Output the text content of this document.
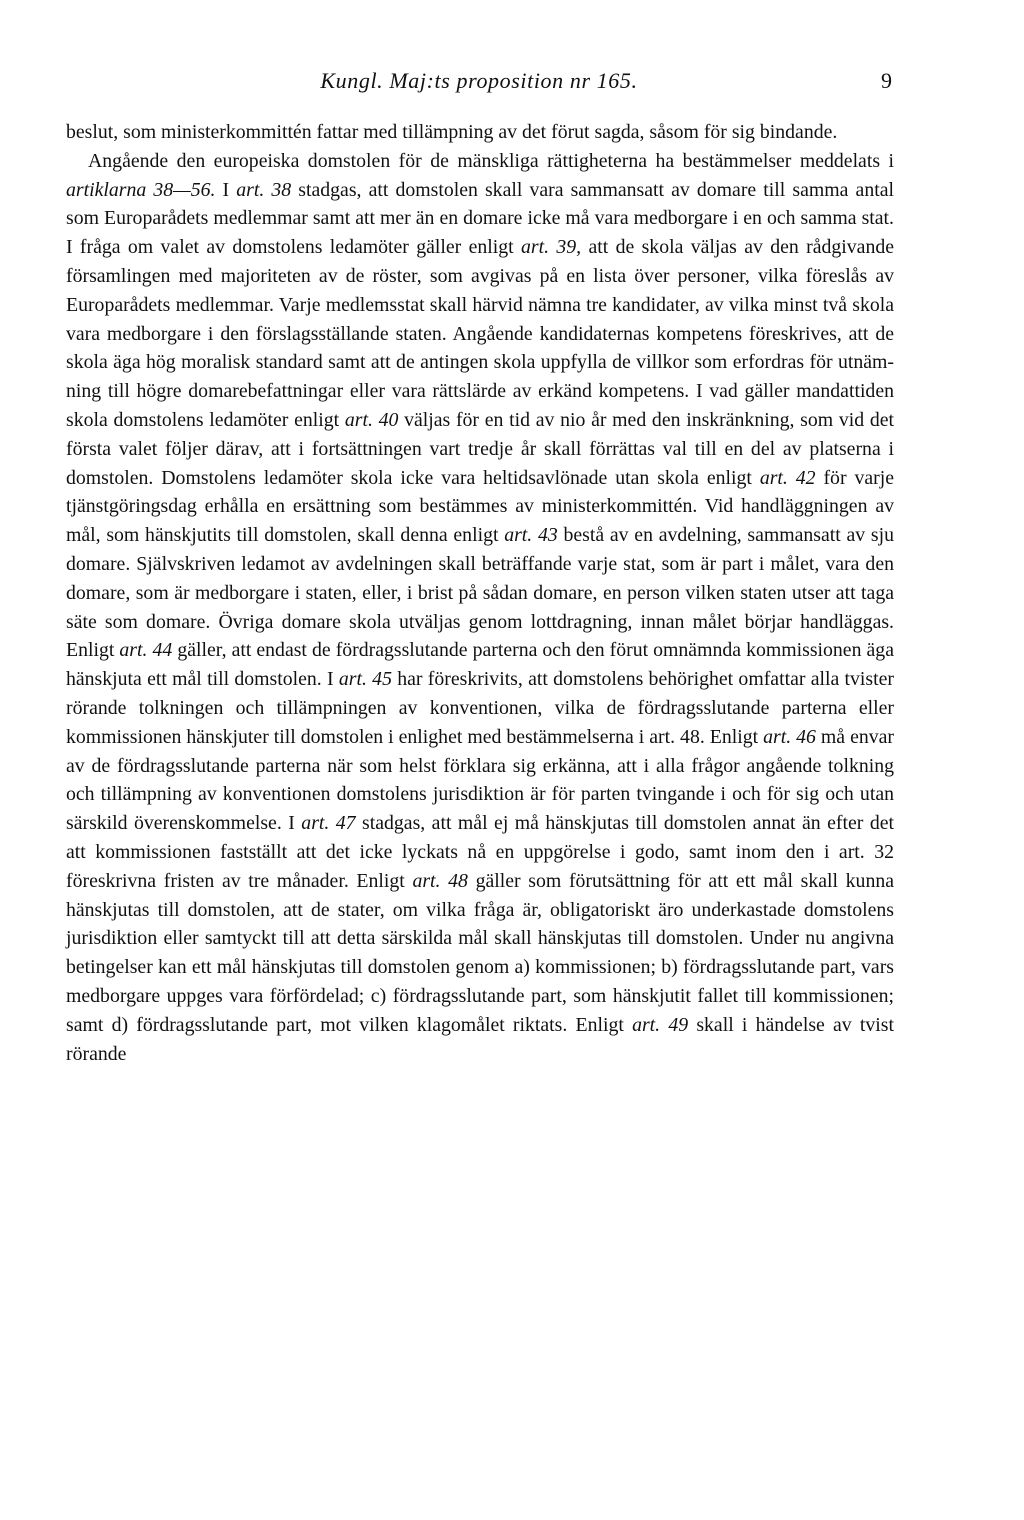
Kungl. Maj:ts proposition nr 165.	9

beslut, som ministerkommittén fattar med tillämpning av det förut sagda, såsom för sig bindande.

Angående den europeiska domstolen för de mänskliga rättigheterna ha bestämmelser meddelats i artiklarna 38—56. I art. 38 stadgas, att domstolen skall vara sammansatt av domare till samma antal som Europarådets medlemmar samt att mer än en domare icke må vara medborgare i en och samma stat. I fråga om valet av domstolens ledamöter gäller enligt art. 39, att de skola väljas av den rådgivande församlingen med majoriteten av de röster, som avgivas på en lista över personer, vilka föreslås av Europarådets medlemmar. Varje medlemsstat skall härvid nämna tre kandidater, av vilka minst två skola vara medborgare i den förslagsställande staten. Angående kandidaternas kompetens föreskrives, att de skola äga hög moralisk standard samt att de antingen skola uppfylla de villkor som erfordras för utnämning till högre domarebefattningar eller vara rättslärde av erkänd kompetens. I vad gäller mandattiden skola domstolens ledamöter enligt art. 40 väljas för en tid av nio år med den inskränkning, som vid det första valet följer därav, att i fortsättningen vart tredje år skall förrättas val till en del av platserna i domstolen. Domstolens ledamöter skola icke vara heltidsavlönade utan skola enligt art. 42 för varje tjänstgöringsdag erhålla en ersättning som bestämmes av ministerkommittén. Vid handläggningen av mål, som hänskjutits till domstolen, skall denna enligt art. 43 bestå av en avdelning, sammansatt av sju domare. Självskriven ledamot av avdelningen skall beträffande varje stat, som är part i målet, vara den domare, som är medborgare i staten, eller, i brist på sådan domare, en person vilken staten utser att taga säte som domare. Övriga domare skola utväljas genom lottdragning, innan målet börjar handläggas. Enligt art. 44 gäller, att endast de fördragsslutande parterna och den förut omnämnda kommissionen äga hänskjuta ett mål till domstolen. I art. 45 har föreskrivits, att domstolens behörighet omfattar alla tvister rörande tolkningen och tillämpningen av konventionen, vilka de fördragsslutande parterna eller kommissionen hänskjuter till domstolen i enlighet med bestämmelserna i art. 48. Enligt art. 46 må envar av de fördragsslutande parterna när som helst förklara sig erkänna, att i alla frågor angående tolkning och tillämpning av konventionen domstolens jurisdiktion är för parten tvingande i och för sig och utan särskild överenskommelse. I art. 47 stadgas, att mål ej må hänskjutas till domstolen annat än efter det att kommissionen fastställt att det icke lyckats nå en uppgörelse i godo, samt inom den i art. 32 föreskrivna fristen av tre månader. Enligt art. 48 gäller som förutsättning för att ett mål skall kunna hänskjutas till domstolen, att de stater, om vilka fråga är, obligatoriskt äro underkastade domstolens jurisdiktion eller samtyckt till att detta särskilda mål skall hänskjutas till domstolen. Under nu angivna betingelser kan ett mål hänskjutas till domstolen genom a) kommissionen; b) fördragsslutande part, vars medborgare uppges vara förfördelad; c) fördragsslutande part, som hänskjutit fallet till kommissionen; samt d) fördragsslutande part, mot vilken klagomålet riktats. Enligt art. 49 skall i händelse av tvist rörande
